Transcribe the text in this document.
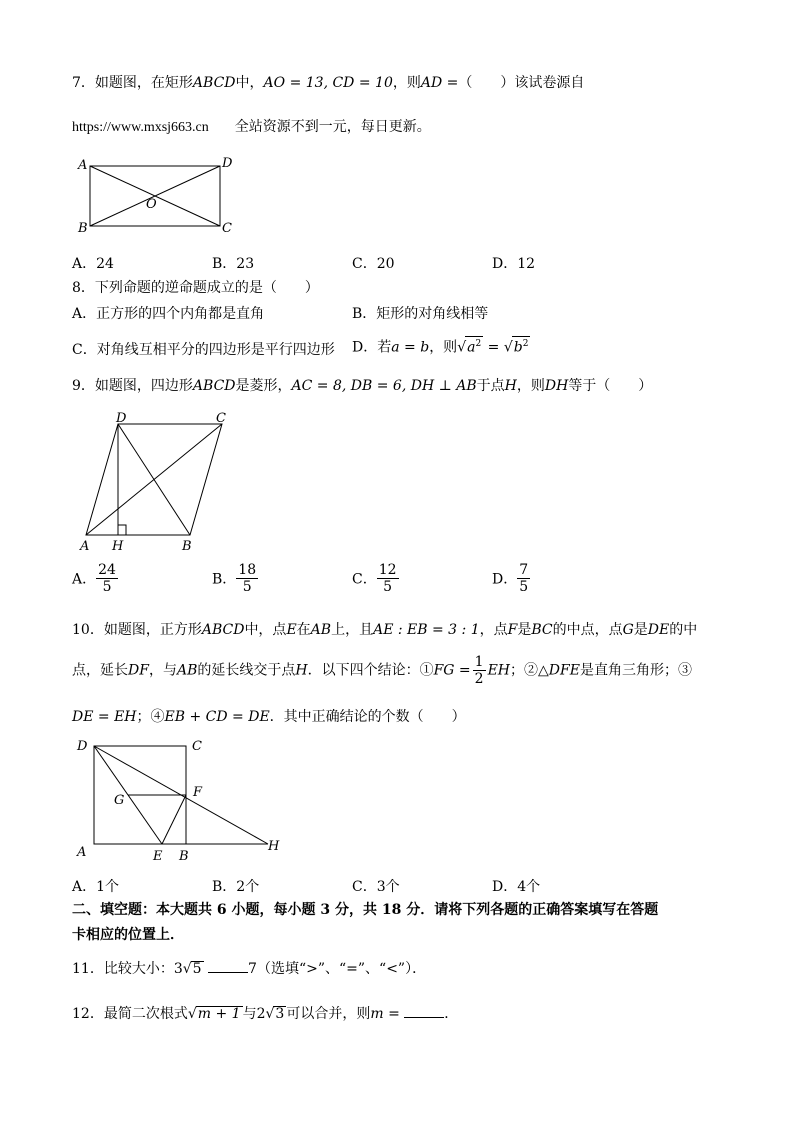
7．如题图，在矩形ABCD中，AO = 13, CD = 10，则AD =（　　）该试卷源自
https://www.mxsj663.cn 全站资源不到一元，每日更新。
A	D
B	C
O
A．24	B．23	C．20	D．12
8．下列命题的逆命题成立的是（　　）
A．正方形的四个内角都是直角	B．矩形的对角线相等
C．对角线互相平分的四边形是平行四边形 D．若a = b，则$√a^2 = √b^2$
9．如题图，四边形ABCD是菱形，AC = 8, DB = 6, DH ⊥ AB于点H，则DH等于（　　）
D	C
A H	B
A． $\frac{24}{5}$	B． $\frac{18}{5}$	C． $\frac{12}{5}$	D． $\frac{7}{5}$
10．如题图，正方形ABCD中，点E在AB上，且AE : EB = 3 : 1，点F是BC的中点，点G是DE的中
点，延长DF，与AB的延长线交于点H．以下四个结论：①FG = $\frac{1}{2}$ EH；②△DFE是直角三角形；③
DE = EH；④EB + CD = DE．其中正确结论的个数（　　）
D	C
G
F
A	E B
H
A．1个	B．2个	C．3个	D．4个
二、填空题：本大题共 6 小题，每小题 3 分，共 18 分．请将下列各题的正确答案填写在答题
卡相应的位置上．
11．比较大小：3√5	7（选填“>”、“=”、“<”）．
12．最简二次根式√m + 1 与2√3 可以合并，则m =	．
